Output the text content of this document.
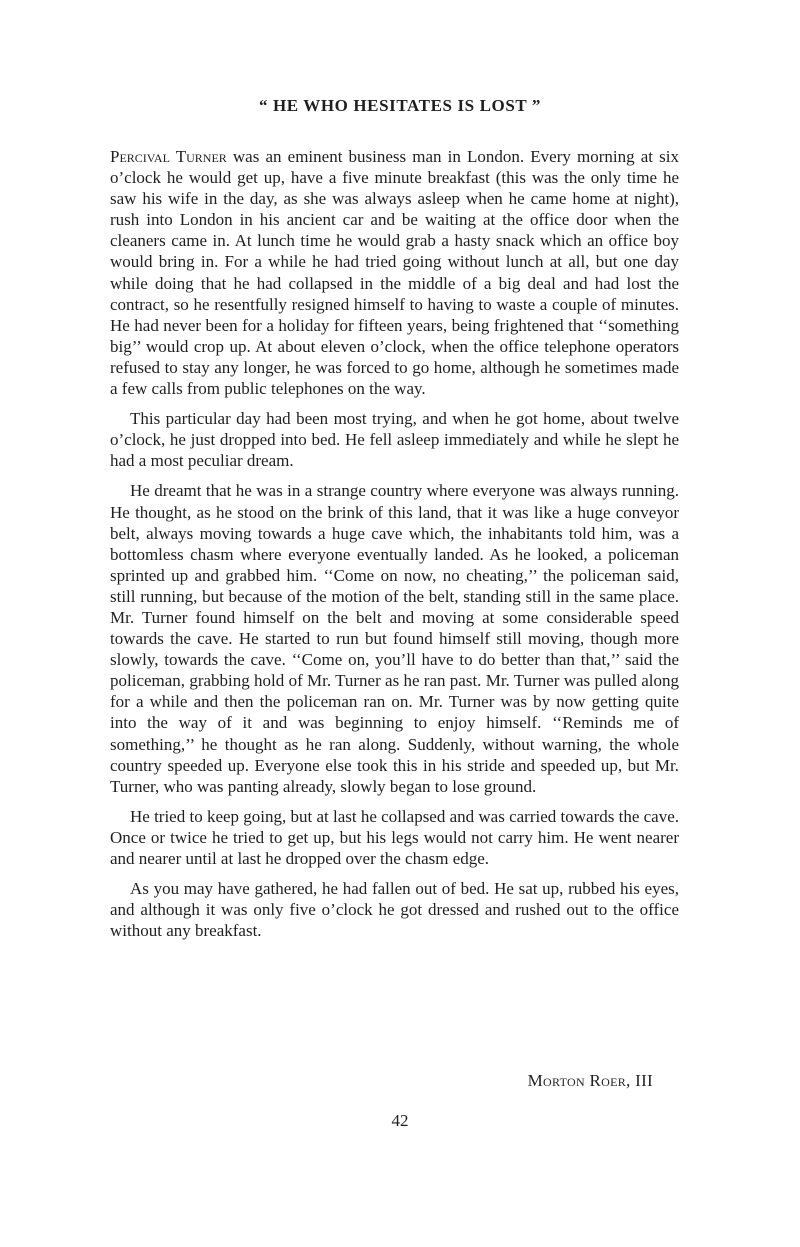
“ HE WHO HESITATES IS LOST ”

Percival Turner was an eminent business man in London. Every morning at six o’clock he would get up, have a five minute breakfast (this was the only time he saw his wife in the day, as she was always asleep when he came home at night), rush into London in his ancient car and be waiting at the office door when the cleaners came in. At lunch time he would grab a hasty snack which an office boy would bring in. For a while he had tried going without lunch at all, but one day while doing that he had collapsed in the middle of a big deal and had lost the contract, so he resentfully resigned himself to having to waste a couple of minutes. He had never been for a holiday for fifteen years, being frightened that ‘‘something big’’ would crop up. At about eleven o’clock, when the office telephone operators refused to stay any longer, he was forced to go home, although he sometimes made a few calls from public telephones on the way.

This particular day had been most trying, and when he got home, about twelve o’clock, he just dropped into bed. He fell asleep immediately and while he slept he had a most peculiar dream.

He dreamt that he was in a strange country where everyone was always running. He thought, as he stood on the brink of this land, that it was like a huge conveyor belt, always moving towards a huge cave which, the inhabitants told him, was a bottomless chasm where everyone eventually landed. As he looked, a policeman sprinted up and grabbed him. ‘‘Come on now, no cheating,’’ the policeman said, still running, but because of the motion of the belt, standing still in the same place. Mr. Turner found himself on the belt and moving at some considerable speed towards the cave. He started to run but found himself still moving, though more slowly, towards the cave. ‘‘Come on, you’ll have to do better than that,’’ said the policeman, grabbing hold of Mr. Turner as he ran past. Mr. Turner was pulled along for a while and then the policeman ran on. Mr. Turner was by now getting quite into the way of it and was beginning to enjoy himself. ‘‘Reminds me of something,’’ he thought as he ran along. Suddenly, without warning, the whole country speeded up. Everyone else took this in his stride and speeded up, but Mr. Turner, who was panting already, slowly began to lose ground.

He tried to keep going, but at last he collapsed and was carried towards the cave. Once or twice he tried to get up, but his legs would not carry him. He went nearer and nearer until at last he dropped over the chasm edge.

As you may have gathered, he had fallen out of bed. He sat up, rubbed his eyes, and although it was only five o’clock he got dressed and rushed out to the office without any breakfast.

Morton Roer, III

42
